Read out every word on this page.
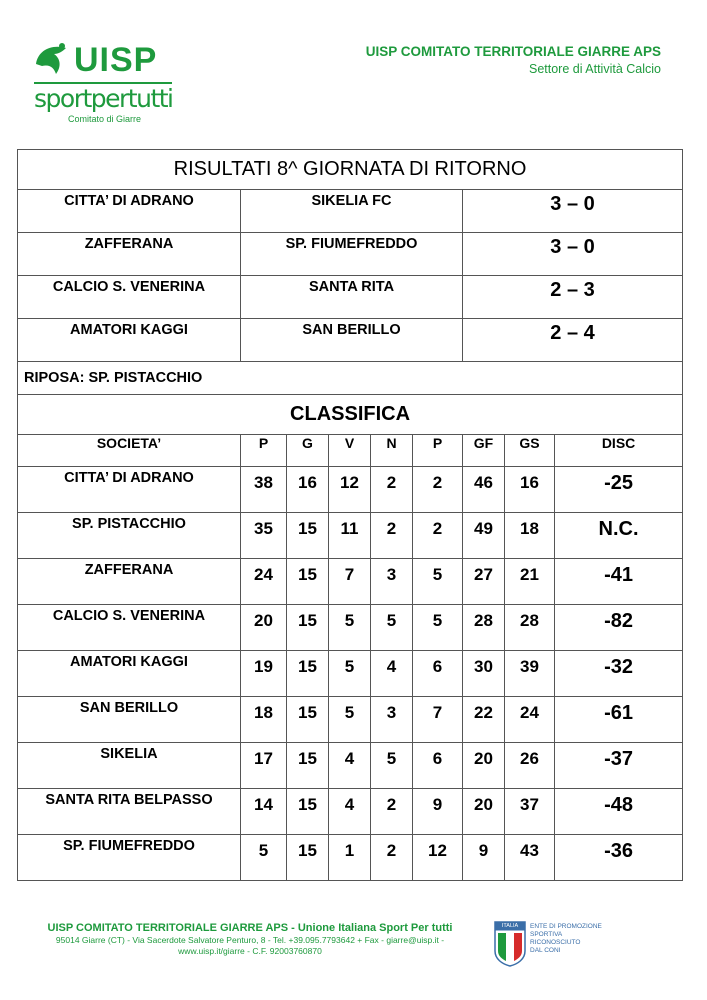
UISP
sportpertutti
Comitato di Giarre
UISP COMITATO TERRITORIALE GIARRE APS
Settore di Attività Calcio
RISULTATI 8^ GIORNATA DI RITORNO								
CITTA’ DI ADRANO	SIKELIA FC					3 – 0		
ZAFFERANA	SP. FIUMEFREDDO					3 – 0		
CALCIO S. VENERINA	SANTA RITA					2 – 3		
AMATORI KAGGI	SAN BERILLO					2 – 4		
RIPOSA: SP. PISTACCHIO								
CLASSIFICA								
SOCIETA’	P	G	V	N	P	GF	GS	DISC
CITTA’ DI ADRANO	38	16	12	2	2	46	16	-25
SP. PISTACCHIO	35	15	11	2	2	49	18	N.C.
ZAFFERANA	24	15	7	3	5	27	21	-41
CALCIO S. VENERINA	20	15	5	5	5	28	28	-82
AMATORI KAGGI	19	15	5	4	6	30	39	-32
SAN BERILLO	18	15	5	3	7	22	24	-61
SIKELIA	17	15	4	5	6	20	26	-37
SANTA RITA BELPASSO	14	15	4	2	9	20	37	-48
SP. FIUMEFREDDO	5	15	1	2	12	9	43	-36
UISP COMITATO TERRITORIALE GIARRE APS - Unione Italiana Sport Per tutti
95014 Giarre (CT) - Via Sacerdote Salvatore Penturo, 8 - Tel. +39.095.7793642 + Fax - giarre@uisp.it - www.uisp.it/giarre - C.F. 92003760870
ENTE DI PROMOZIONE
SPORTIVA
RICONOSCIUTO
DAL CONI
ITALIA
